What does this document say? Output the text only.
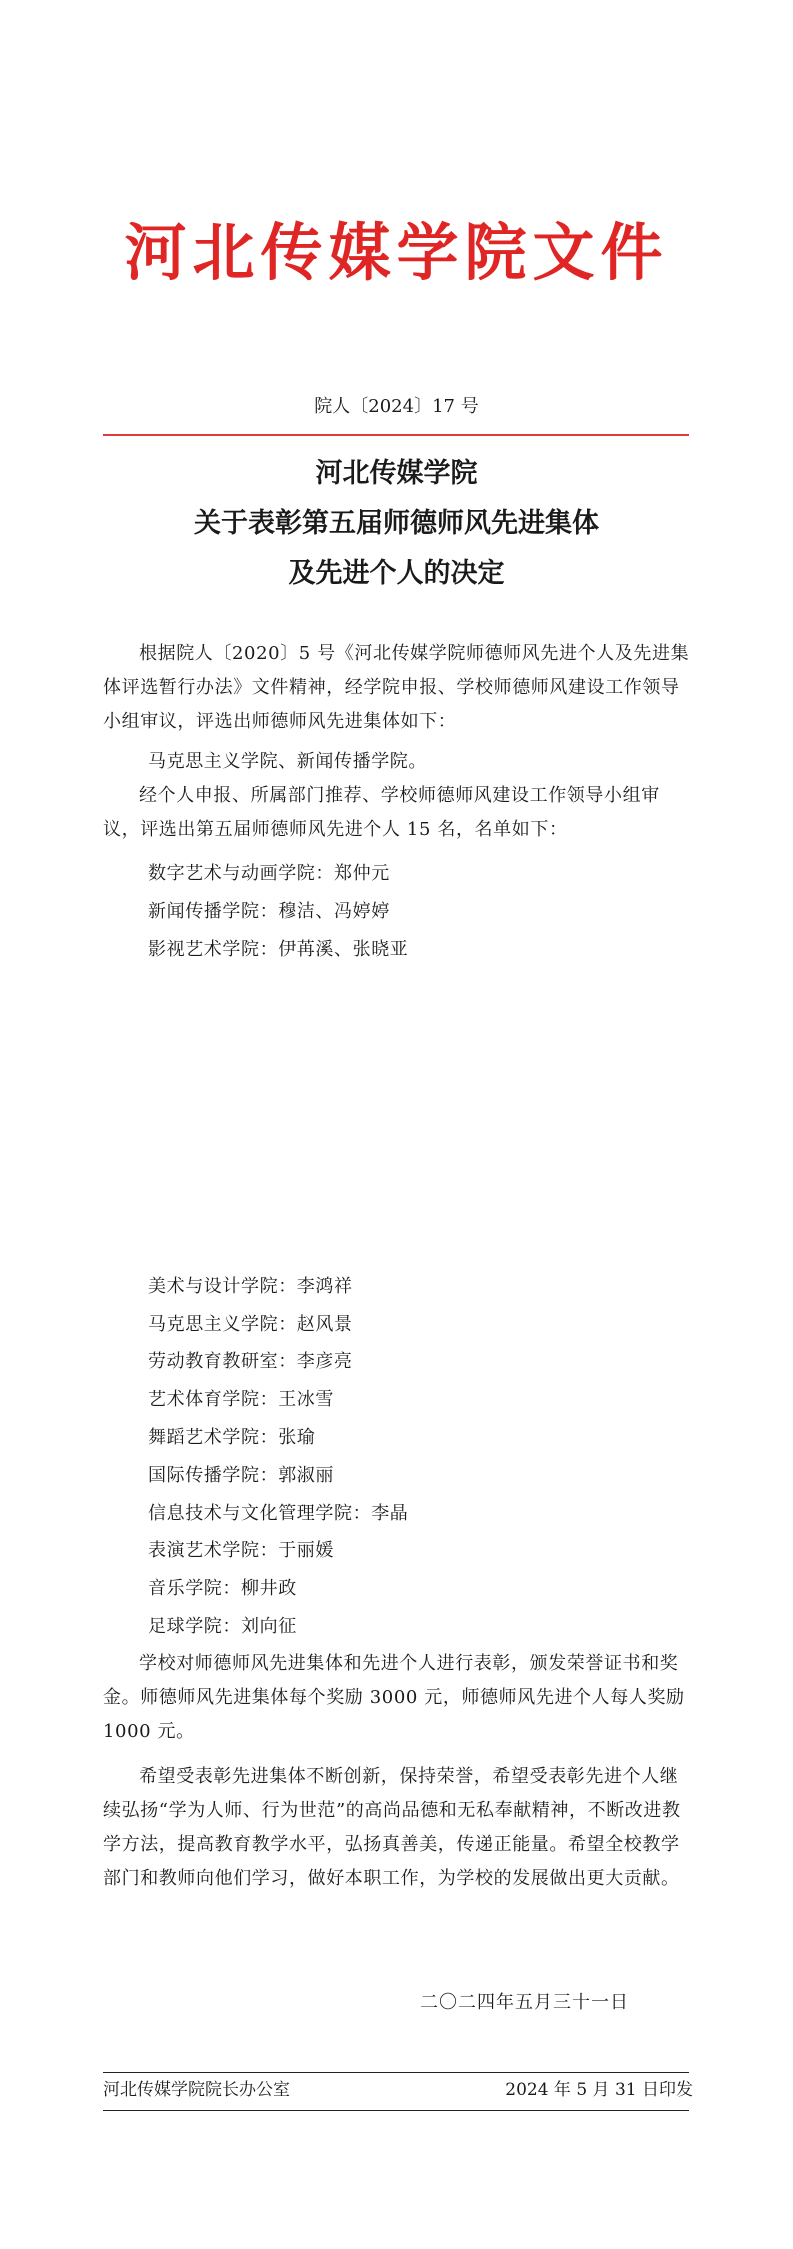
河北传媒学院文件
院人〔2024〕17 号
河北传媒学院
关于表彰第五届师德师风先进集体
及先进个人的决定
根据院人〔2020〕5 号《河北传媒学院师德师风先进个人及先进集体评选暂行办法》文件精神，经学院申报、学校师德师风建设工作领导小组审议，评选出师德师风先进集体如下：
马克思主义学院、新闻传播学院。
经个人申报、所属部门推荐、学校师德师风建设工作领导小组审议，评选出第五届师德师风先进个人 15 名，名单如下：
数字艺术与动画学院：郑仲元
新闻传播学院：穆洁、冯婷婷
影视艺术学院：伊苒溪、张晓亚
美术与设计学院：李鸿祥
马克思主义学院：赵风景
劳动教育教研室：李彦亮
艺术体育学院：王冰雪
舞蹈艺术学院：张瑜
国际传播学院：郭淑丽
信息技术与文化管理学院：李晶
表演艺术学院：于丽媛
音乐学院：柳井政
足球学院：刘向征
学校对师德师风先进集体和先进个人进行表彰，颁发荣誉证书和奖金。师德师风先进集体每个奖励 3000 元，师德师风先进个人每人奖励 1000 元。
希望受表彰先进集体不断创新，保持荣誉，希望受表彰先进个人继续弘扬“学为人师、行为世范”的高尚品德和无私奉献精神，不断改进教学方法，提高教育教学水平，弘扬真善美，传递正能量。希望全校教学部门和教师向他们学习，做好本职工作，为学校的发展做出更大贡献。
二〇二四年五月三十一日
河北传媒学院院长办公室	2024 年 5 月 31 日印发
